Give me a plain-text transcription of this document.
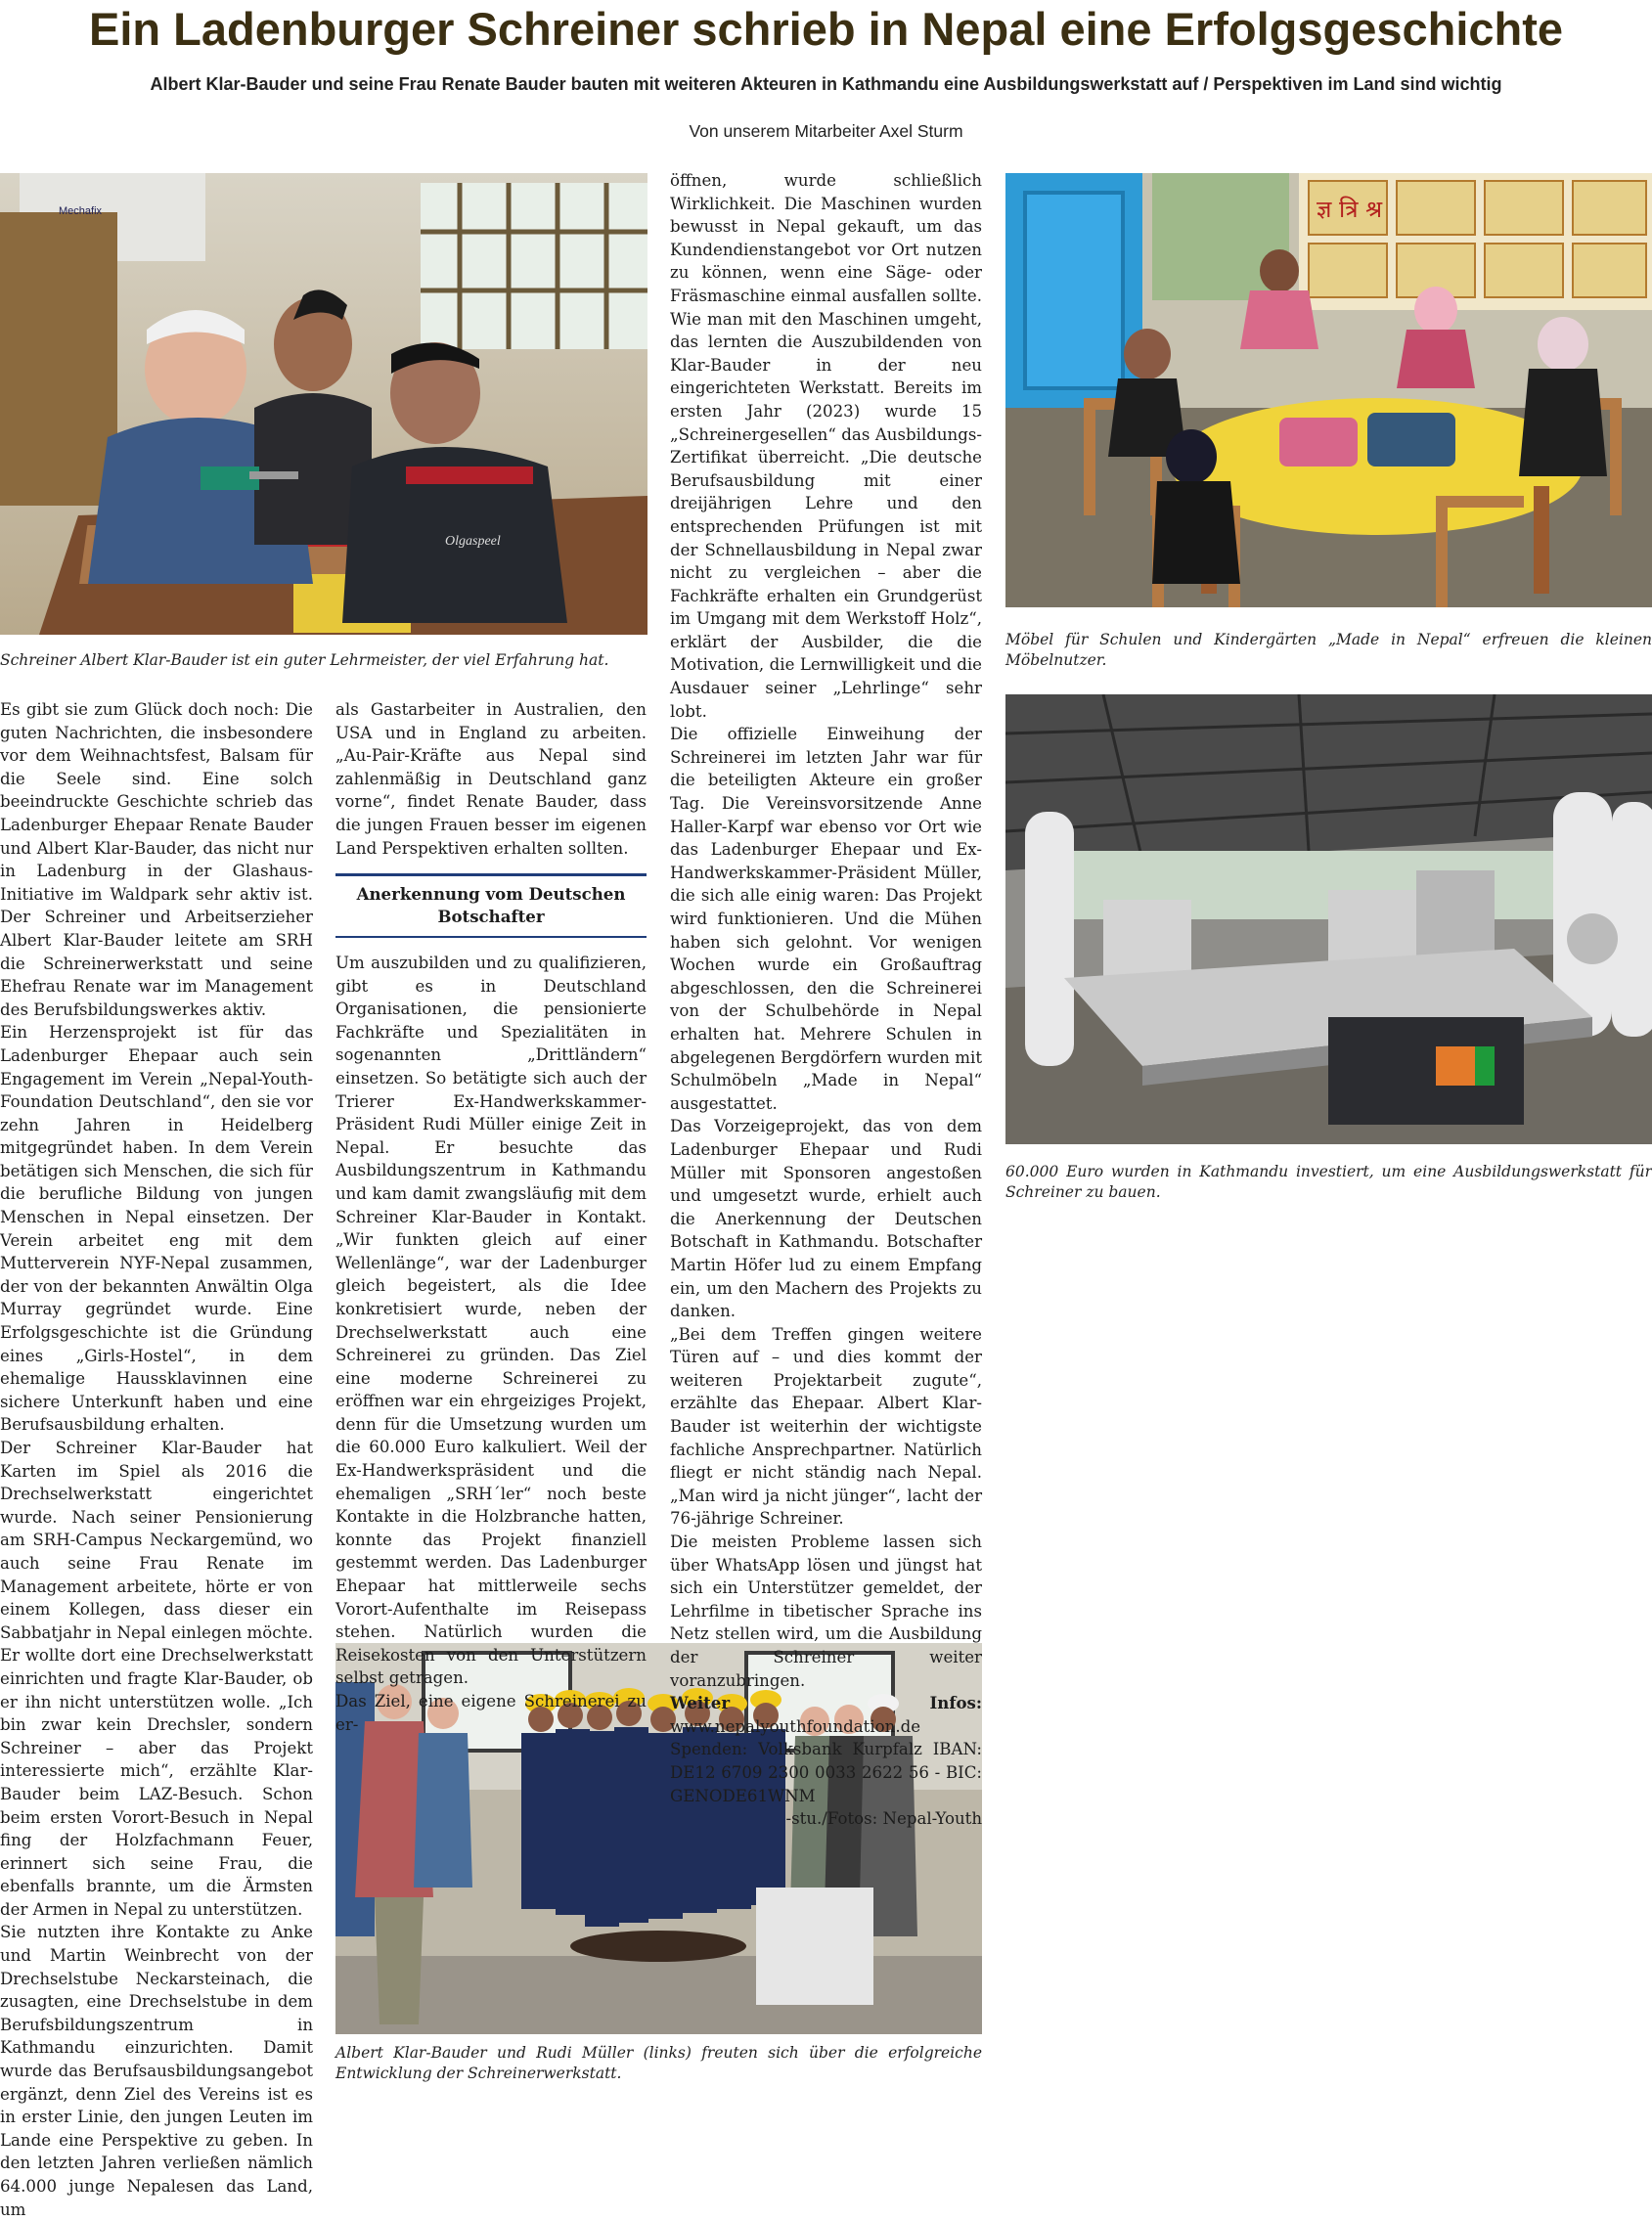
Ein Ladenburger Schreiner schrieb in Nepal eine Erfolgsgeschichte

Albert Klar-Bauder und seine Frau Renate Bauder bauten mit weiteren Akteuren in Kathmandu eine Ausbildungswerkstatt auf / Perspektiven im Land sind wichtig

Von unserem Mitarbeiter Axel Sturm

Mechafix
Olgaspeel

Schreiner Albert Klar-Bauder ist ein guter Lehrmeister, der viel Erfahrung hat.

ज्ञ त्रि श्र

Möbel für Schulen und Kindergärten „Made in Nepal“ erfreuen die kleinen Möbelnutzer.

60.000 Euro wurden in Kathmandu investiert, um eine Ausbildungswerkstatt für Schreiner zu bauen.

Albert Klar-Bauder und Rudi Müller (links) freuten sich über die erfolgreiche Entwicklung der Schreinerwerkstatt.

Es gibt sie zum Glück doch noch: Die guten Nachrichten, die insbesondere vor dem Weihnachtsfest, Balsam für die Seele sind. Eine solch beeindruckte Geschichte schrieb das Ladenburger Ehepaar Renate Bauder und Albert Klar-Bauder, das nicht nur in Ladenburg in der Glashaus-Initiative im Waldpark sehr aktiv ist. Der Schreiner und Arbeitserzieher Albert Klar-Bauder leitete am SRH die Schreinerwerkstatt und seine Ehefrau Renate war im Management des Berufsbildungswerkes aktiv.

Ein Herzensprojekt ist für das Ladenburger Ehepaar auch sein Engagement im Verein „Nepal-Youth-Foundation Deutschland“, den sie vor zehn Jahren in Heidelberg mitgegründet haben. In dem Verein betätigen sich Menschen, die sich für die berufliche Bildung von jungen Menschen in Nepal einsetzen. Der Verein arbeitet eng mit dem Mutterverein NYF-Nepal zusammen, der von der bekannten Anwältin Olga Murray gegründet wurde. Eine Erfolgsgeschichte ist die Gründung eines „Girls-Hostel“, in dem ehemalige Haussklavinnen eine sichere Unterkunft haben und eine Berufsausbildung erhalten.

Der Schreiner Klar-Bauder hat Karten im Spiel als 2016 die Drechselwerkstatt eingerichtet wurde. Nach seiner Pensionierung am SRH-Campus Neckargemünd, wo auch seine Frau Renate im Management arbeitete, hörte er von einem Kollegen, dass dieser ein Sabbatjahr in Nepal einlegen möchte. Er wollte dort eine Drechselwerkstatt einrichten und fragte Klar-Bauder, ob er ihn nicht unterstützen wolle. „Ich bin zwar kein Drechsler, sondern Schreiner – aber das Projekt interessierte mich“, erzählte Klar-Bauder beim LAZ-Besuch. Schon beim ersten Vorort-Besuch in Nepal fing der Holzfachmann Feuer, erinnert sich seine Frau, die ebenfalls brannte, um die Ärmsten der Armen in Nepal zu unterstützen.

Sie nutzten ihre Kontakte zu Anke und Martin Weinbrecht von der Drechselstube Neckarsteinach, die zusagten, eine Drechselstube in dem Berufsbildungszentrum in Kathmandu einzurichten. Damit wurde das Berufsausbildungsangebot ergänzt, denn Ziel des Vereins ist es in erster Linie, den jungen Leuten im Lande eine Perspektive zu geben. In den letzten Jahren verließen nämlich 64.000 junge Nepalesen das Land, um

als Gastarbeiter in Australien, den USA und in England zu arbeiten. „Au-Pair-Kräfte aus Nepal sind zahlenmäßig in Deutschland ganz vorne“, findet Renate Bauder, dass die jungen Frauen besser im eigenen Land Perspektiven erhalten sollten.

Anerkennung vom Deutschen Botschafter

Um auszubilden und zu qualifizieren, gibt es in Deutschland Organisationen, die pensionierte Fachkräfte und Spezialitäten in sogenannten „Drittländern“ einsetzen. So betätigte sich auch der Trierer Ex-Handwerkskammer-Präsident Rudi Müller einige Zeit in Nepal. Er besuchte das Ausbildungszentrum in Kathmandu und kam damit zwangsläufig mit dem Schreiner Klar-Bauder in Kontakt. „Wir funkten gleich auf einer Wellenlänge“, war der Ladenburger gleich begeistert, als die Idee konkretisiert wurde, neben der Drechselwerkstatt auch eine Schreinerei zu gründen. Das Ziel eine moderne Schreinerei zu eröffnen war ein ehrgeiziges Projekt, denn für die Umsetzung wurden um die 60.000 Euro kalkuliert. Weil der Ex-Handwerkspräsident und die ehemaligen „SRH´ler“ noch beste Kontakte in die Holzbranche hatten, konnte das Projekt finanziell gestemmt werden. Das Ladenburger Ehepaar hat mittlerweile sechs Vorort-Aufenthalte im Reisepass stehen. Natürlich wurden die Reisekosten von den Unterstützern selbst getragen.

Das Ziel, eine eigene Schreinerei zu er-

öffnen, wurde schließlich Wirklichkeit. Die Maschinen wurden bewusst in Nepal gekauft, um das Kundendienstangebot vor Ort nutzen zu können, wenn eine Säge- oder Fräsmaschine einmal ausfallen sollte. Wie man mit den Maschinen umgeht, das lernten die Auszubildenden von Klar-Bauder in der neu eingerichteten Werkstatt. Bereits im ersten Jahr (2023) wurde 15 „Schreinergesellen“ das Ausbildungs-Zertifikat überreicht. „Die deutsche Berufsausbildung mit einer dreijährigen Lehre und den entsprechenden Prüfungen ist mit der Schnellausbildung in Nepal zwar nicht zu vergleichen – aber die Fachkräfte erhalten ein Grundgerüst im Umgang mit dem Werkstoff Holz“, erklärt der Ausbilder, die die Motivation, die Lernwilligkeit und die Ausdauer seiner „Lehrlinge“ sehr lobt.

Die offizielle Einweihung der Schreinerei im letzten Jahr war für die beteiligten Akteure ein großer Tag. Die Vereinsvorsitzende Anne Haller-Karpf war ebenso vor Ort wie das Ladenburger Ehepaar und Ex-Handwerkskammer-Präsident Müller, die sich alle einig waren: Das Projekt wird funktionieren. Und die Mühen haben sich gelohnt. Vor wenigen Wochen wurde ein Großauftrag abgeschlossen, den die Schreinerei von der Schulbehörde in Nepal erhalten hat. Mehrere Schulen in abgelegenen Bergdörfern wurden mit Schulmöbeln „Made in Nepal“ ausgestattet.

Das Vorzeigeprojekt, das von dem Ladenburger Ehepaar und Rudi Müller mit Sponsoren angestoßen und umgesetzt wurde, erhielt auch die Anerkennung der Deutschen Botschaft in Kathmandu. Botschafter Martin Höfer lud zu einem Empfang ein, um den Machern des Projekts zu danken.

„Bei dem Treffen gingen weitere Türen auf – und dies kommt der weiteren Projektarbeit zugute“, erzählte das Ehepaar. Albert Klar-Bauder ist weiterhin der wichtigste fachliche Ansprechpartner. Natürlich fliegt er nicht ständig nach Nepal. „Man wird ja nicht jünger“, lacht der 76-jährige Schreiner.

Die meisten Probleme lassen sich über WhatsApp lösen und jüngst hat sich ein Unterstützer gemeldet, der Lehrfilme in tibetischer Sprache ins Netz stellen wird, um die Ausbildung der Schreiner weiter voranzubringen.

Weiter Infos: www.nepalyouthfoundation.de Spenden: Volksbank Kurpfalz IBAN: DE12 6709 2300 0033 2622 56 - BIC: GENODE61WNM

-stu./Fotos: Nepal-Youth
